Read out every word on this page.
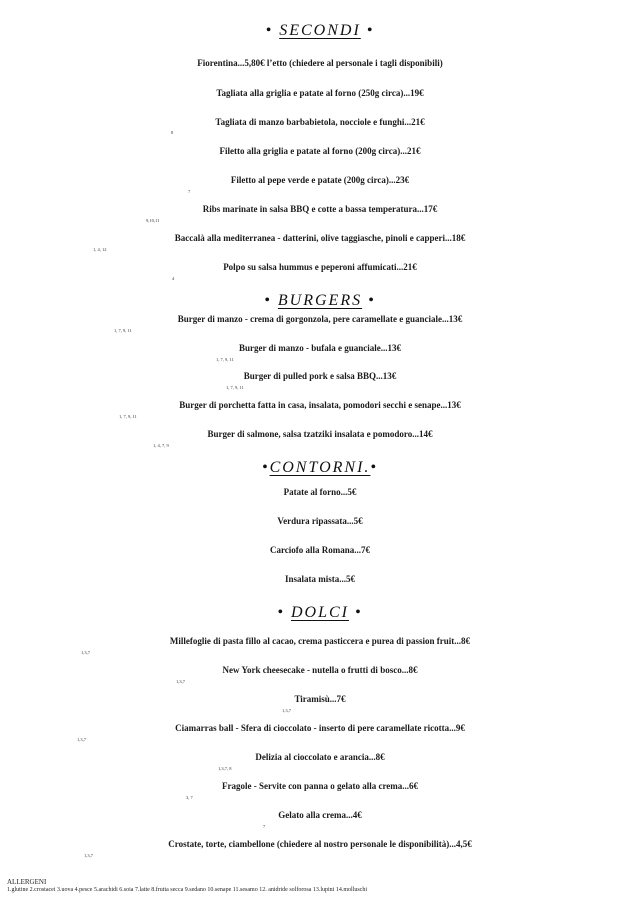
• SECONDI •
Fiorentina...5,80€ l’etto (chiedere al personale i tagli disponibili)
Tagliata alla griglia e patate al forno (250g circa)...19€
Tagliata di manzo barbabietola, nocciole e funghi...21€
8
Filetto alla griglia e patate al forno (200g circa)...21€
Filetto al pepe verde e patate (200g circa)...23€
7
Ribs marinate in salsa BBQ e cotte a bassa temperatura...17€
9,10,11
Baccalà alla mediterranea - datterini, olive taggiasche, pinoli e capperi...18€
1, 4, 12
Polpo su salsa hummus e peperoni affumicati...21€
4
• BURGERS •
Burger di manzo - crema di gorgonzola, pere caramellate e guanciale...13€
1, 7, 9, 11
Burger di manzo - bufala e guanciale...13€
1, 7, 9, 11
Burger di pulled pork e salsa BBQ...13€
1, 7, 9, 11
Burger di porchetta fatta in casa, insalata, pomodori secchi e senape...13€
1, 7, 9, 11
Burger di salmone, salsa tzatziki insalata e pomodoro...14€
1, 4, 7, 9
•CONTORNI.•
Patate al forno...5€
Verdura ripassata...5€
Carciofo alla Romana...7€
Insalata mista...5€
• DOLCI •
Millefoglie di pasta fillo al cacao, crema pasticcera e purea di passion fruit...8€
1,3,7
New York cheesecake - nutella o frutti di bosco...8€
1,3,7
Tiramisù...7€
1,3,7
Ciamarras ball - Sfera di cioccolato - inserto di pere caramellate ricotta...9€
1,3,7
Delizia al cioccolato e arancia...8€
1,3,7, 8
Fragole - Servite con panna o gelato alla crema...6€
3, 7
Gelato alla crema...4€
7
Crostate, torte, ciambellone (chiedere al nostro personale le disponibilità)...4,5€
1,3,7
ALLERGENI
1.glutine 2.crostacei 3.uova 4.pesce 5.arachidi 6.soia 7.latte 8.frutta secca 9.sedano 10.senape 11.sesamo 12. anidride solforosa 13.lupini 14.molluschi
